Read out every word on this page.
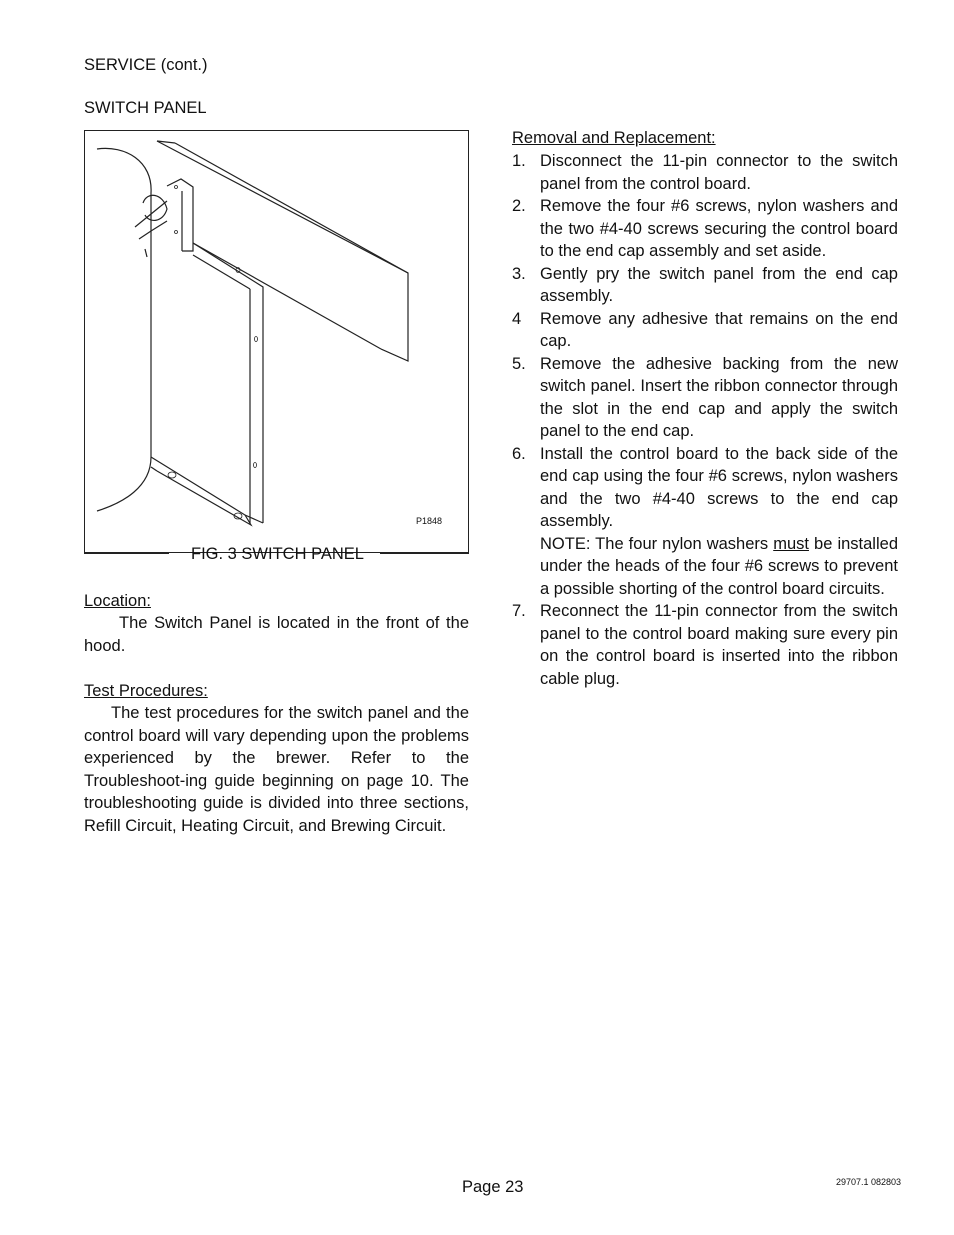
SERVICE (cont.)
SWITCH PANEL
P1848
FIG. 3 SWITCH PANEL
Location:
The Switch Panel is located in the front of the hood.
Test Procedures:
The test procedures for the switch panel and the control board will vary depending upon the problems experienced by the brewer. Refer to the Troubleshoot-ing guide beginning on page 10. The troubleshooting guide is divided into three sections, Refill Circuit, Heating Circuit, and Brewing Circuit.
Removal and Replacement:
1. Disconnect the 11-pin connector to the switch panel from the control board.
2. Remove the four #6 screws, nylon washers and the two #4-40 screws securing the control board to the end cap assembly and set aside.
3. Gently pry the switch panel from the end cap assembly.
4 Remove any adhesive that remains on the end cap.
5. Remove the adhesive backing from the new switch panel. Insert the ribbon connector through the slot in the end cap and apply the switch panel to the end cap.
6. Install the control board to the back side of the end cap using the four #6 screws, nylon washers and the two #4-40 screws to the end cap assembly.
NOTE: The four nylon washers must be installed under the heads of the four #6 screws to prevent a possible shorting of the control board circuits.
7. Reconnect the 11-pin connector from the switch panel to the control board making sure every pin on the control board is inserted into the ribbon cable plug.
Page 23	29707.1 082803
